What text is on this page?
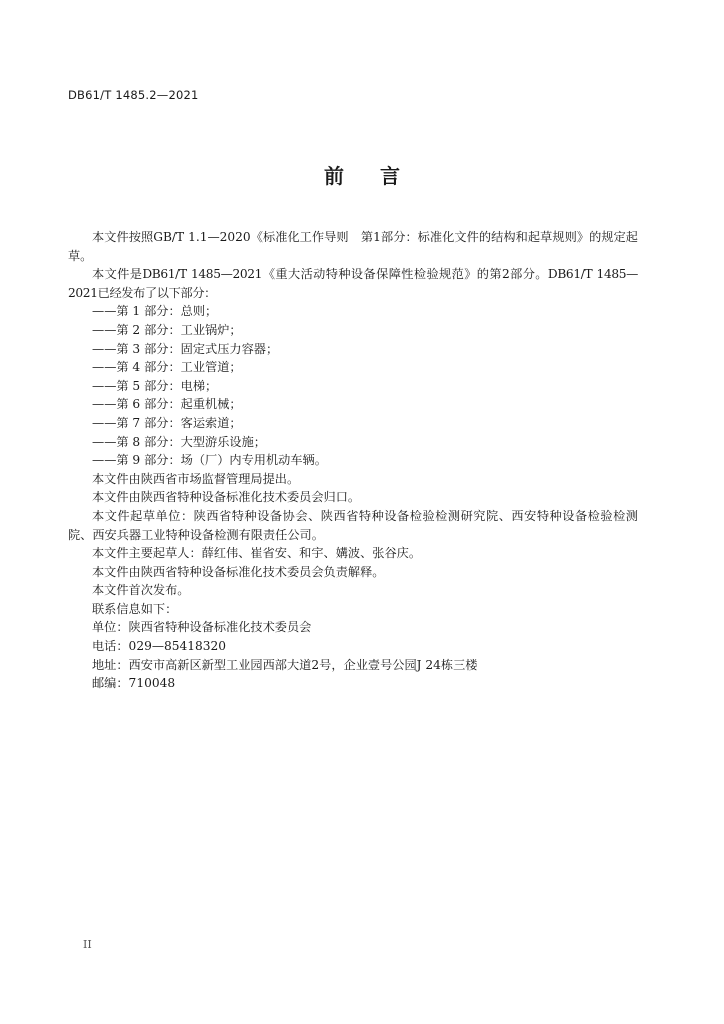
DB61/T 1485.2—2021
前言

本文件按照GB/T 1.1—2020《标准化工作导则　第1部分：标准化文件的结构和起草规则》的规定起草。

本文件是DB61/T 1485—2021《重大活动特种设备保障性检验规范》的第2部分。DB61/T 1485—2021已经发布了以下部分：

——第 1 部分：总则；
——第 2 部分：工业锅炉；
——第 3 部分：固定式压力容器；
——第 4 部分：工业管道；
——第 5 部分：电梯；
——第 6 部分：起重机械；
——第 7 部分：客运索道；
——第 8 部分：大型游乐设施；
——第 9 部分：场（厂）内专用机动车辆。

本文件由陕西省市场监督管理局提出。

本文件由陕西省特种设备标准化技术委员会归口。

本文件起草单位：陕西省特种设备协会、陕西省特种设备检验检测研究院、西安特种设备检验检测院、西安兵器工业特种设备检测有限责任公司。

本文件主要起草人：薛红伟、崔省安、和宇、媾波、张谷庆。

本文件由陕西省特种设备标准化技术委员会负责解释。

本文件首次发布。

联系信息如下：

单位：陕西省特种设备标准化技术委员会

电话：029—85418320

地址：西安市高新区新型工业园西部大道2号，企业壹号公园J 24栋三楼

邮编：710048

II
